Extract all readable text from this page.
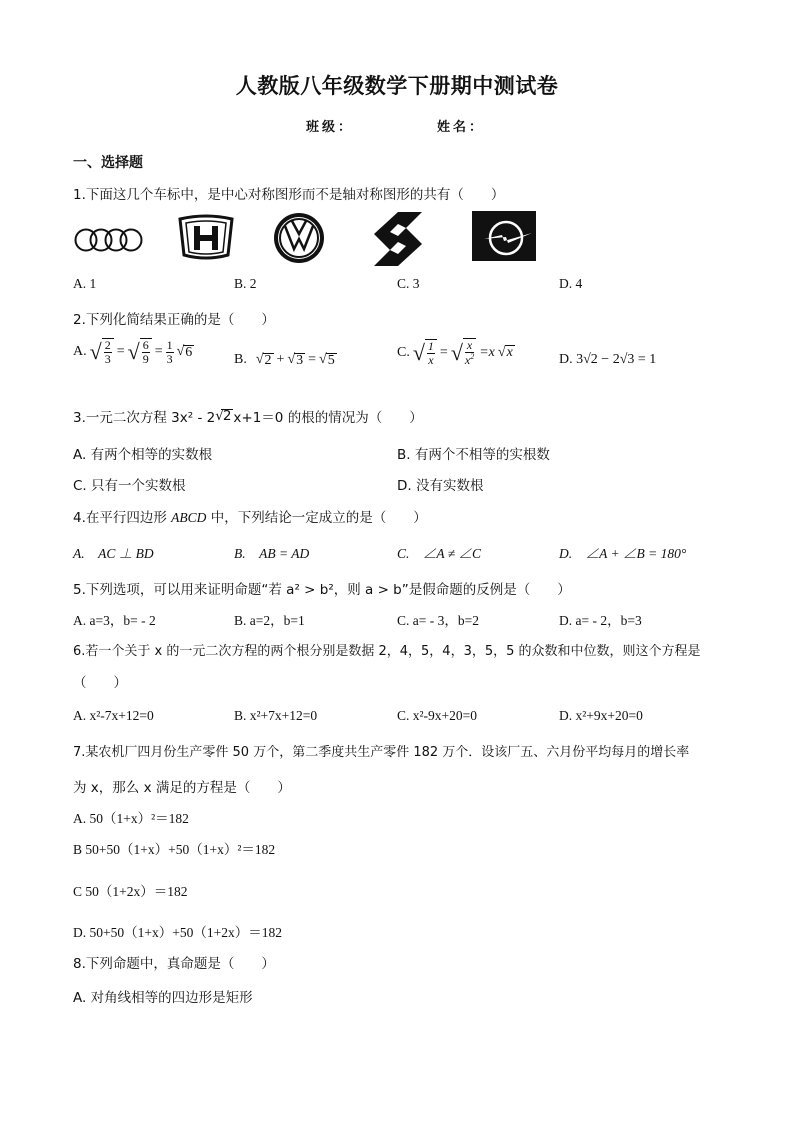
人教版八年级数学下册期中测试卷
班级：	姓名：
一、选择题
1.下面这几个车标中，是中心对称图形而不是轴对称图形的共有（　　）
A. 1	B. 2	C. 3	D. 4
2.下列化简结果正确的是（　　）
A. √ $\frac{2}{3}$ = √ $\frac{6}{9} = \frac{1}{3}$ √ 6	B. √ 2 + √ 3 = √ 5
C. √ $\frac{1}{x}$ = √ $\frac{x}{x^2} =x$ √ x	D. 3√2 − 2√3 = 1
3.一元二次方程 3x² - 2 √ 2 x+1＝0 的根的情况为（　　）
A. 有两个相等的实数根	B. 有两个不相等的实根数
C. 只有一个实数根	D. 没有实数根
4.在平行四边形 ABCD 中，下列结论一定成立的是（　　）
A.　AC ⊥ BD	B.　AB = AD	C.　∠A ≠ ∠C	D.　∠A + ∠B = 180°
5.下列选项，可以用来证明命题“若 a² > b²，则 a > b”是假命题的反例是（　　）
A. a=3，b= - 2	B. a=2，b=1	C. a= - 3，b=2	D. a= - 2，b=3
6.若一个关于 x 的一元二次方程的两个根分别是数据 2，4，5，4，3，5，5 的众数和中位数，则这个方程是
（　　）
A. x²-7x+12=0	B. x²+7x+12=0	C. x²-9x+20=0	D. x²+9x+20=0
7.某农机厂四月份生产零件 50 万个，第二季度共生产零件 182 万个．设该厂五、六月份平均每月的增长率
为 x，那么 x 满足的方程是（　　）
A. 50（1+x）²＝182
B 50+50（1+x）+50（1+x）²＝182
C 50（1+2x）＝182
D. 50+50（1+x）+50（1+2x）＝182
8.下列命题中，真命题是（　　）
A. 对角线相等的四边形是矩形
